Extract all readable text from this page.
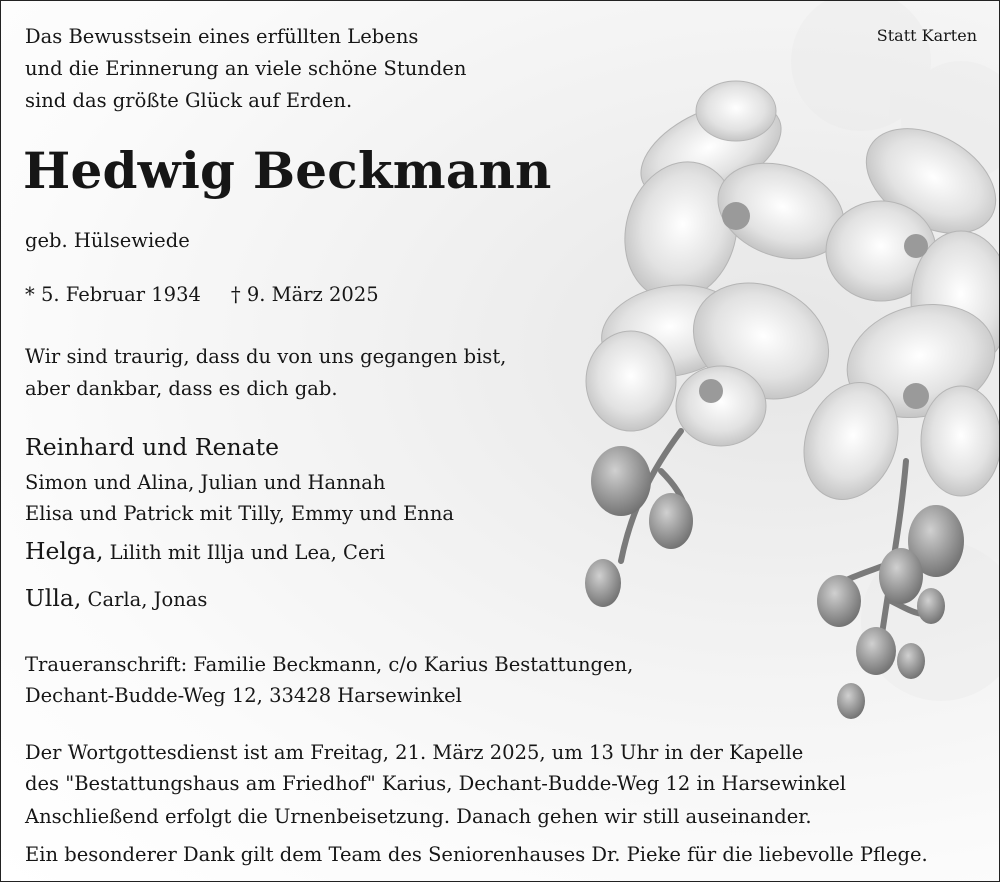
Das Bewusstsein eines erfüllten Lebens
und die Erinnerung an viele schöne Stunden
sind das größte Glück auf Erden.
Statt Karten
Hedwig Beckmann
geb. Hülsewiede
* 5. Februar 1934 † 9. März 2025
Wir sind traurig, dass du von uns gegangen bist,
aber dankbar, dass es dich gab.
Reinhard und Renate
Simon und Alina, Julian und Hannah
Elisa und Patrick mit Tilly, Emmy und Enna
Helga, Lilith mit Illja und Lea, Ceri
Ulla, Carla, Jonas
Traueranschrift: Familie Beckmann, c/o Karius Bestattungen,
Dechant-Budde-Weg 12, 33428 Harsewinkel
Der Wortgottesdienst ist am Freitag, 21. März 2025, um 13 Uhr in der Kapelle
des "Bestattungshaus am Friedhof" Karius, Dechant-Budde-Weg 12 in Harsewinkel
Anschließend erfolgt die Urnenbeisetzung. Danach gehen wir still auseinander.
Ein besonderer Dank gilt dem Team des Seniorenhauses Dr. Pieke für die liebevolle Pflege.
